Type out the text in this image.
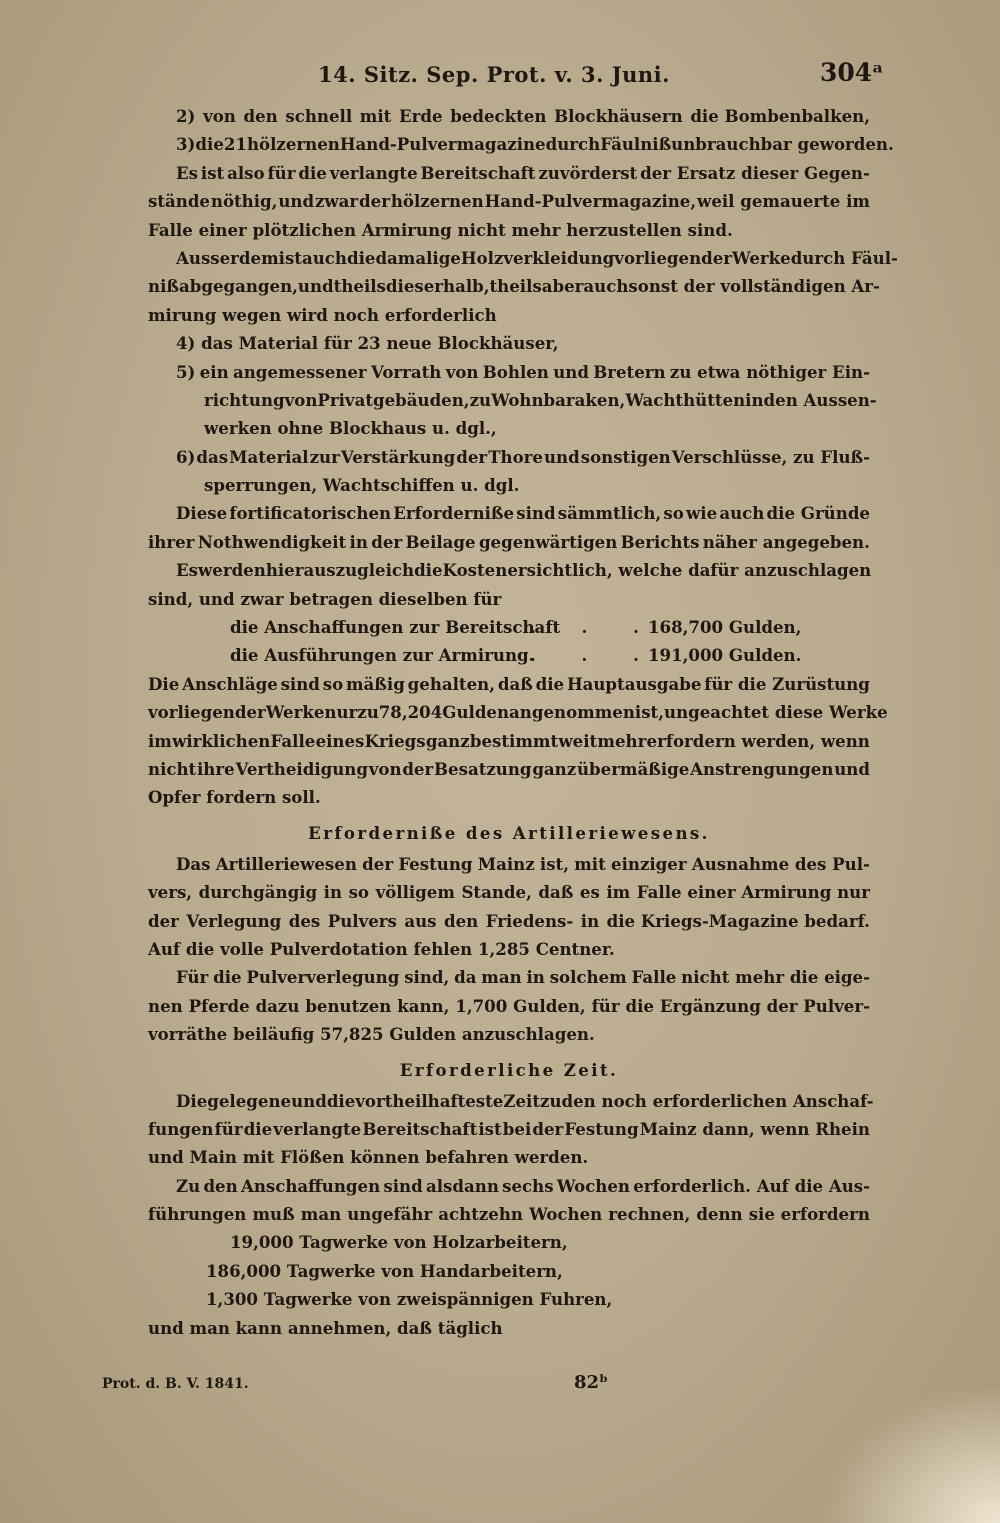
14. Sitz. Sep. Prot. v. 3. Juni.	304ᵃ
2) von den schnell mit Erde bedeckten Blockhäusern die Bombenbalken,
3) die 21 hölzernen Hand-Pulvermagazine durch Fäulniß unbrauchbar geworden.
Es ist also für die verlangte Bereitschaft zuvörderst der Ersatz dieser Gegen-
stände nöthig, und zwar der hölzernen Hand-Pulvermagazine, weil gemauerte im
Falle einer plötzlichen Armirung nicht mehr herzustellen sind.
Ausserdem ist auch die damalige Holzverkleidung vorliegender Werke durch Fäul-
niß abgegangen, und theils dieserhalb, theils aber auch sonst der vollständigen Ar-
mirung wegen wird noch erforderlich
4) das Material für 23 neue Blockhäuser,
5) ein angemessener Vorrath von Bohlen und Bretern zu etwa nöthiger Ein-
richtung von Privatgebäuden, zu Wohnbaraken, Wachthütten in den Aussen-
werken ohne Blockhaus u. dgl.,
6) das Material zur Verstärkung der Thore und sonstigen Verschlüsse, zu Fluß-
sperrungen, Wachtschiffen u. dgl.
Diese fortificatorischen Erforderniße sind sämmtlich, so wie auch die Gründe
ihrer Nothwendigkeit in der Beilage gegenwärtigen Berichts näher angegeben.
Es werden hieraus zugleich die Kosten ersichtlich, welche dafür anzuschlagen
sind, und zwar betragen dieselben für
die Anschaffungen zur Bereitschaft
. . .
168,700 Gulden,
die Ausführungen zur Armirung.
. . .
191,000 Gulden.
Die Anschläge sind so mäßig gehalten, daß die Hauptausgabe für die Zurüstung
vorliegender Werke nur zu 78,204 Gulden angenommen ist, ungeachtet diese Werke
im wirklichen Falle eines Kriegs ganz bestimmt weit mehr erfordern werden, wenn
nicht ihre Vertheidigung von der Besatzung ganz übermäßige Anstrengungen und
Opfer fordern soll.
Erforderniße des Artilleriewesens.
Das Artilleriewesen der Festung Mainz ist, mit einziger Ausnahme des Pul-
vers, durchgängig in so völligem Stande, daß es im Falle einer Armirung nur
der Verlegung des Pulvers aus den Friedens- in die Kriegs-Magazine bedarf.
Auf die volle Pulverdotation fehlen 1,285 Centner.
Für die Pulververlegung sind, da man in solchem Falle nicht mehr die eige-
nen Pferde dazu benutzen kann, 1,700 Gulden, für die Ergänzung der Pulver-
vorräthe beiläufig 57,825 Gulden anzuschlagen.
Erforderliche Zeit.
Die gelegene und die vortheilhafteste Zeit zu den noch erforderlichen Anschaf-
fungen für die verlangte Bereitschaft ist bei der Festung Mainz dann, wenn Rhein
und Main mit Flößen können befahren werden.
Zu den Anschaffungen sind alsdann sechs Wochen erforderlich. Auf die Aus-
führungen muß man ungefähr achtzehn Wochen rechnen, denn sie erfordern
19,000 Tagwerke von Holzarbeitern,
186,000 Tagwerke von Handarbeitern,
1,300 Tagwerke von zweispännigen Fuhren,
und man kann annehmen, daß täglich
Prot. d. B. V. 1841.	82ᵇ
